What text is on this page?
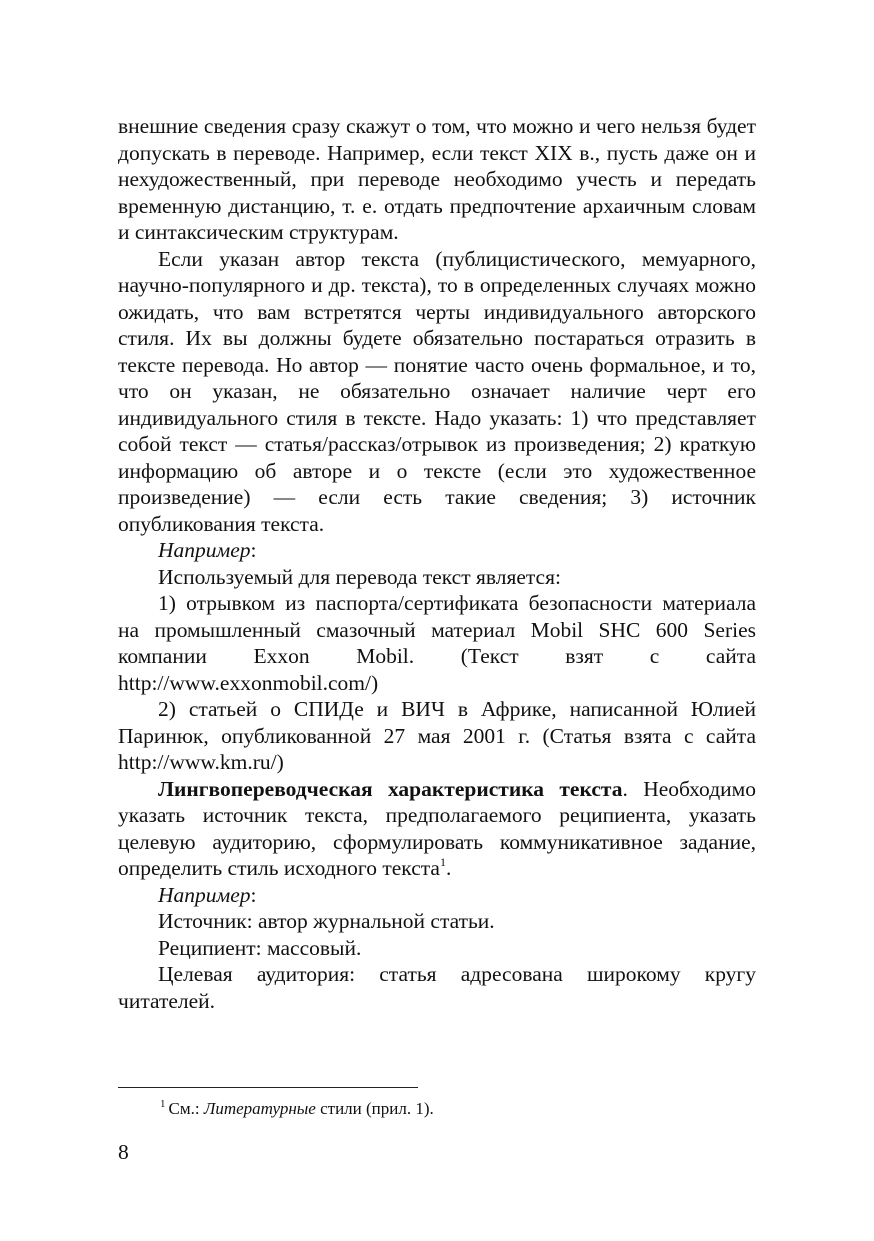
внешние сведения сразу скажут о том, что можно и чего нельзя будет допускать в переводе. Например, если текст XIX в., пусть даже он и нехудожественный, при переводе необходимо учесть и передать временную дистанцию, т. е. отдать предпочтение архаичным словам и синтаксическим структурам.

Если указан автор текста (публицистического, мемуарного, научно-популярного и др. текста), то в определенных случаях можно ожидать, что вам встретятся черты индивидуального авторского стиля. Их вы должны будете обязательно постараться отразить в тексте перевода. Но автор — понятие часто очень формальное, и то, что он указан, не обязательно означает наличие черт его индивидуального стиля в тексте. Надо указать: 1) что представляет собой текст — статья/рассказ/отрывок из произведения; 2) краткую информацию об авторе и о тексте (если это художественное произведение) — если есть такие сведения; 3) источник опубликования текста.

Например:

Используемый для перевода текст является:

1) отрывком из паспорта/сертификата безопасности материала на промышленный смазочный материал Mobil SHC 600 Series компании Exxon Mobil. (Текст взят с сайта http://www.exxonmobil.com/)

2) статьей о СПИДе и ВИЧ в Африке, написанной Юлией Паринюк, опубликованной 27 мая 2001 г. (Статья взята с сайта http://www.km.ru/)

Лингвопереводческая характеристика текста. Необходимо указать источник текста, предполагаемого реципиента, указать целевую аудиторию, сформулировать коммуникативное задание, определить стиль исходного текста$^1$.

Например:

Источник: автор журнальной статьи.

Реципиент: массовый.

Целевая аудитория: статья адресована широкому кругу читателей.

$^1$ См.: Литературные стили (прил. 1).
8
